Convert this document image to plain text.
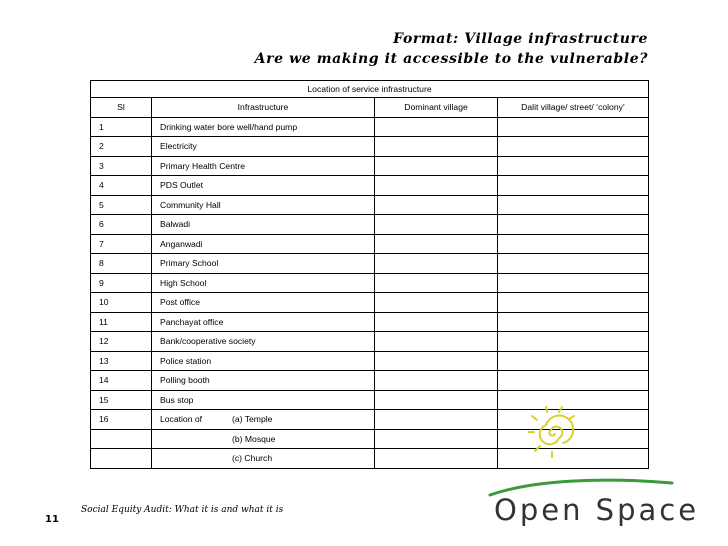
Format: Village infrastructure
Are we making it accessible to the vulnerable?
Location of service infrastructure			
Sl	Infrastructure	Dominant village	Dalit village/ street/ ‘colony’
1	Drinking water bore well/hand pump		
2	Electricity		
3	Primary Health Centre		
4	PDS Outlet		
5	Community Hall		
6	Balwadi		
7	Anganwadi		
8	Primary School		
9	High School		
10	Post office		
11	Panchayat office		
12	Bank/cooperative society		
13	Police station		
14	Polling booth		
15	Bus stop		
16	Location of (a) Temple		
	(b) Mosque		
	(c) Church		
Social Equity Audit: What it is and what it is
11	Open Space
